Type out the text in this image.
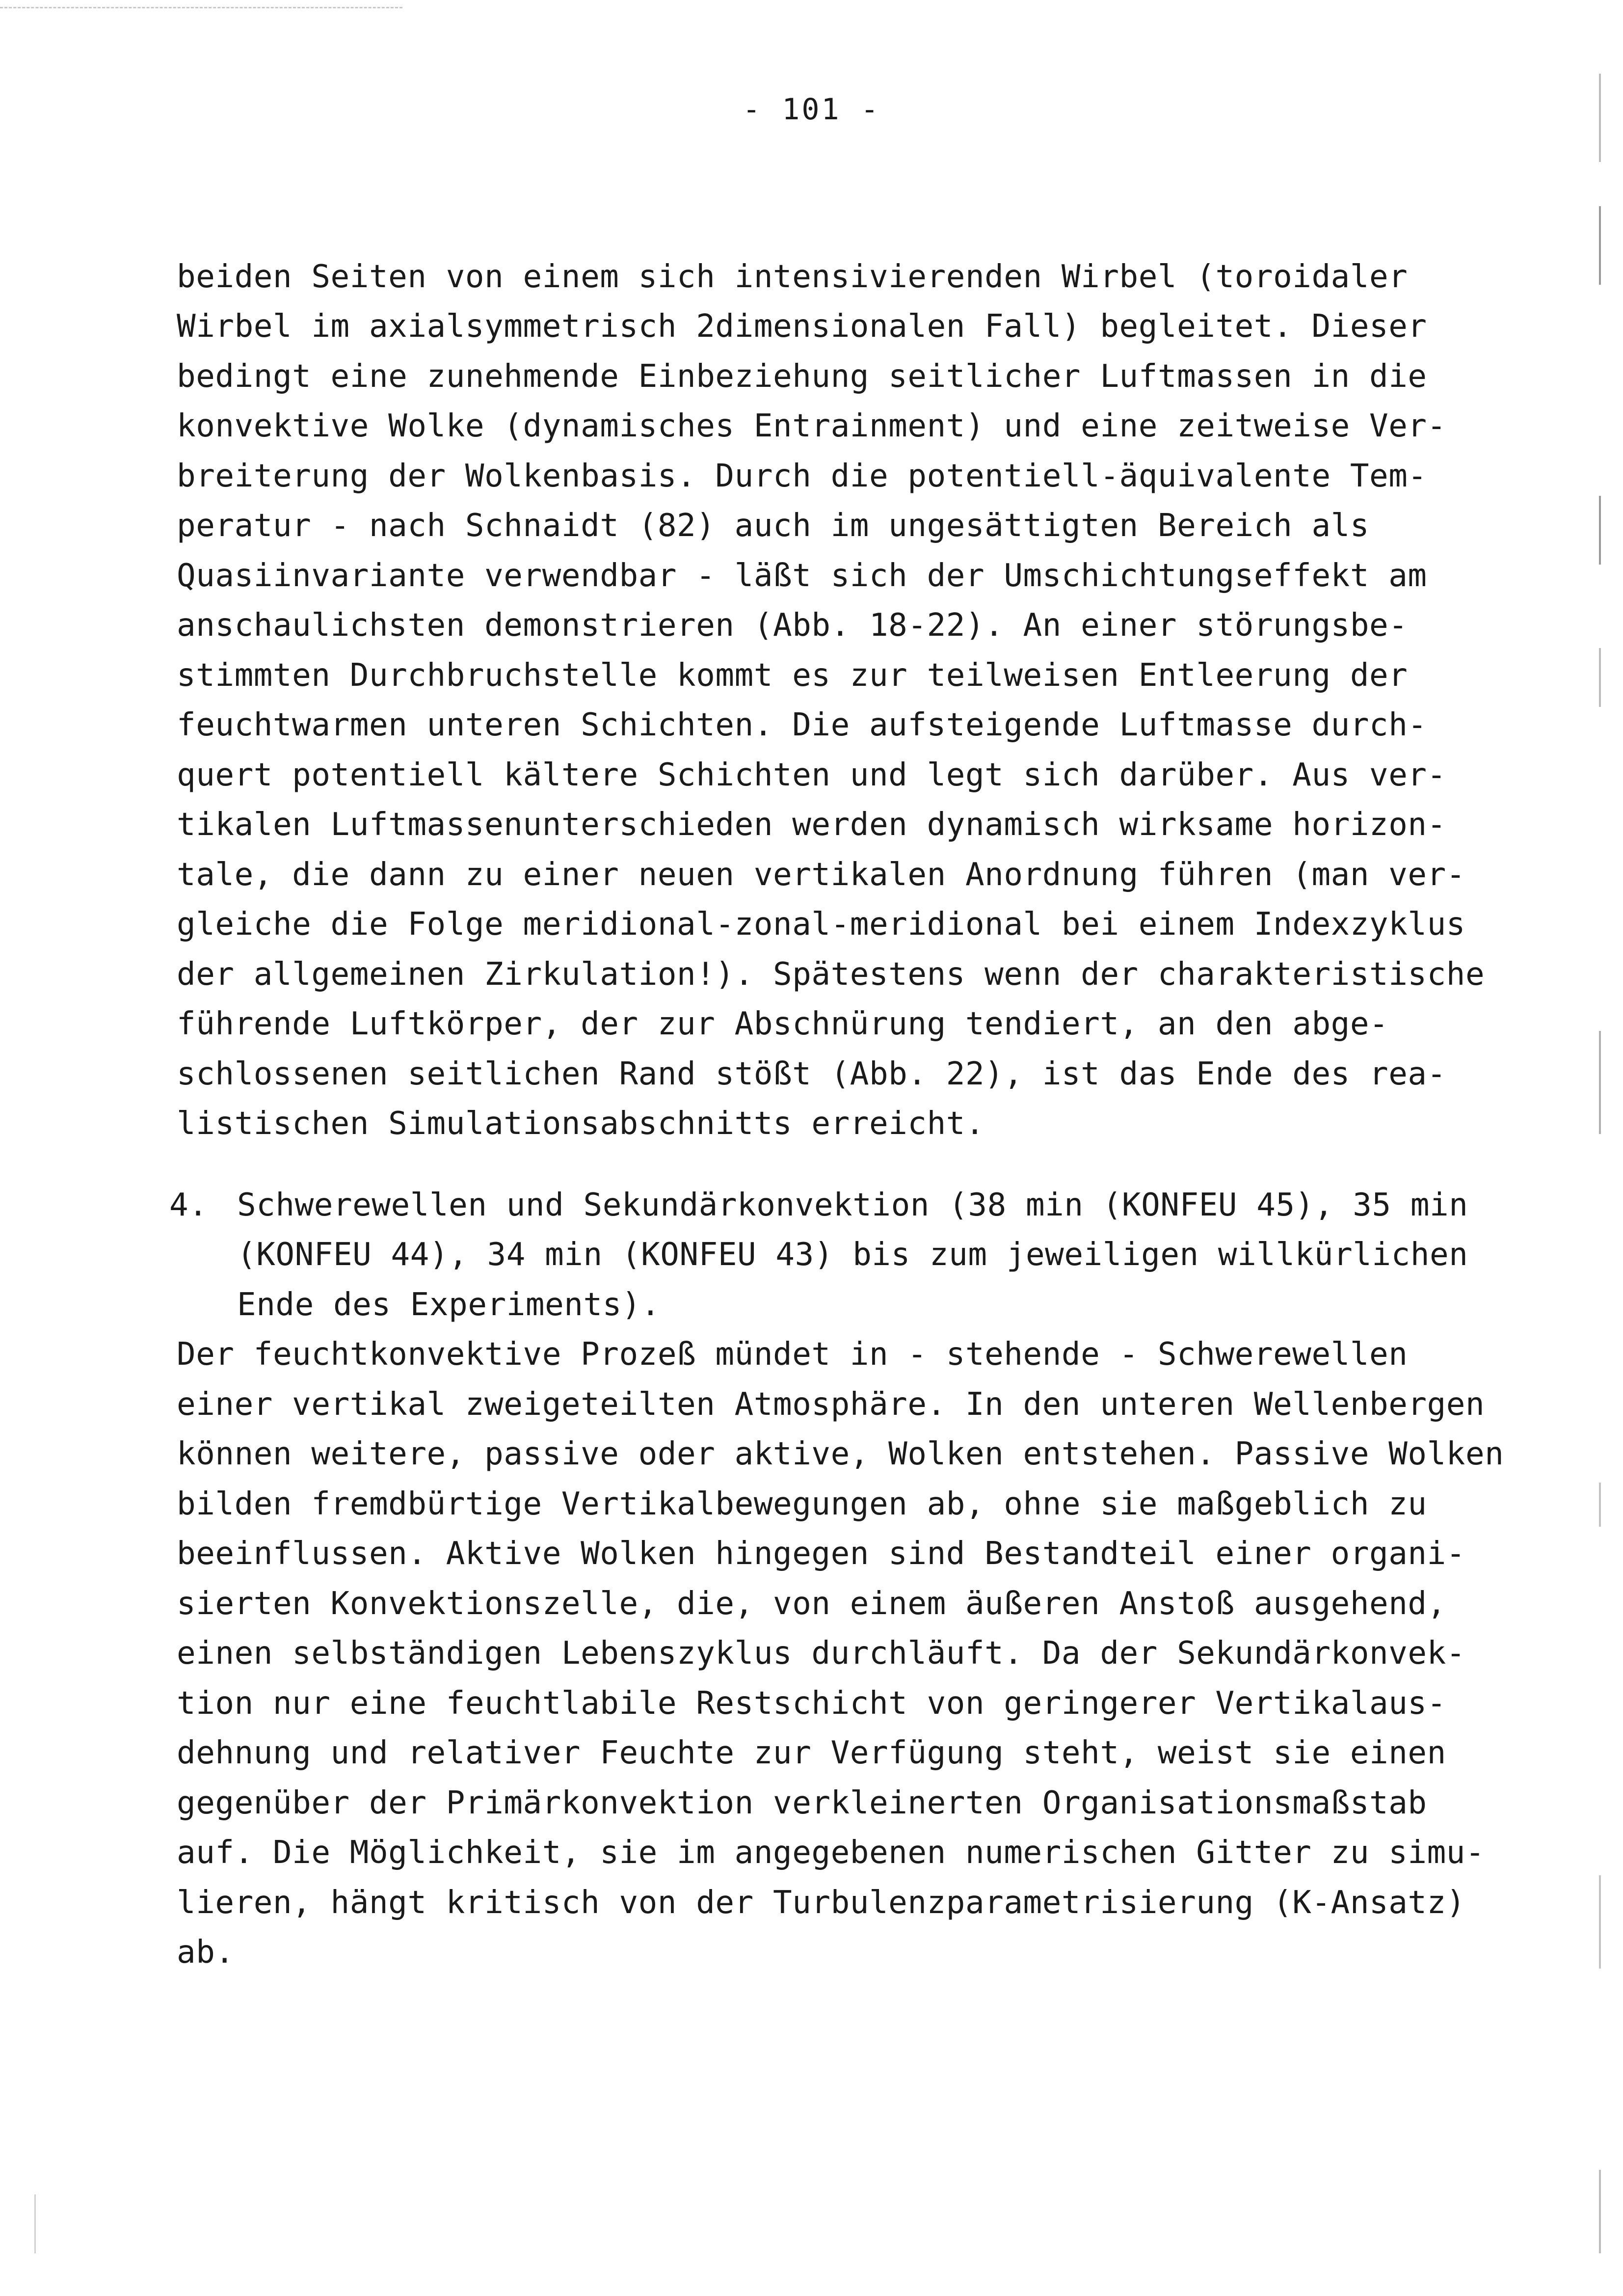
- 101 -
beiden Seiten von einem sich intensivierenden Wirbel (toroidaler
Wirbel im axialsymmetrisch 2dimensionalen Fall) begleitet. Dieser
bedingt eine zunehmende Einbeziehung seitlicher Luftmassen in die
konvektive Wolke (dynamisches Entrainment) und eine zeitweise Ver-
breiterung der Wolkenbasis. Durch die potentiell-äquivalente Tem-
peratur - nach Schnaidt (82) auch im ungesättigten Bereich als
Quasiinvariante verwendbar - läßt sich der Umschichtungseffekt am
anschaulichsten demonstrieren (Abb. 18-22). An einer störungsbe-
stimmten Durchbruchstelle kommt es zur teilweisen Entleerung der
feuchtwarmen unteren Schichten. Die aufsteigende Luftmasse durch-
quert potentiell kältere Schichten und legt sich darüber. Aus ver-
tikalen Luftmassenunterschieden werden dynamisch wirksame horizon-
tale, die dann zu einer neuen vertikalen Anordnung führen (man ver-
gleiche die Folge meridional-zonal-meridional bei einem Indexzyklus
der allgemeinen Zirkulation!). Spätestens wenn der charakteristische
führende Luftkörper, der zur Abschnürung tendiert, an den abge-
schlossenen seitlichen Rand stößt (Abb. 22), ist das Ende des rea-
listischen Simulationsabschnitts erreicht.
4. Schwerewellen und Sekundärkonvektion (38 min (KONFEU 45), 35 min
(KONFEU 44), 34 min (KONFEU 43) bis zum jeweiligen willkürlichen
Ende des Experiments).
Der feuchtkonvektive Prozeß mündet in - stehende - Schwerewellen
einer vertikal zweigeteilten Atmosphäre. In den unteren Wellenbergen
können weitere, passive oder aktive, Wolken entstehen. Passive Wolken
bilden fremdbürtige Vertikalbewegungen ab, ohne sie maßgeblich zu
beeinflussen. Aktive Wolken hingegen sind Bestandteil einer organi-
sierten Konvektionszelle, die, von einem äußeren Anstoß ausgehend,
einen selbständigen Lebenszyklus durchläuft. Da der Sekundärkonvek-
tion nur eine feuchtlabile Restschicht von geringerer Vertikalaus-
dehnung und relativer Feuchte zur Verfügung steht, weist sie einen
gegenüber der Primärkonvektion verkleinerten Organisationsmaßstab
auf. Die Möglichkeit, sie im angegebenen numerischen Gitter zu simu-
lieren, hängt kritisch von der Turbulenzparametrisierung (K-Ansatz)
ab.
